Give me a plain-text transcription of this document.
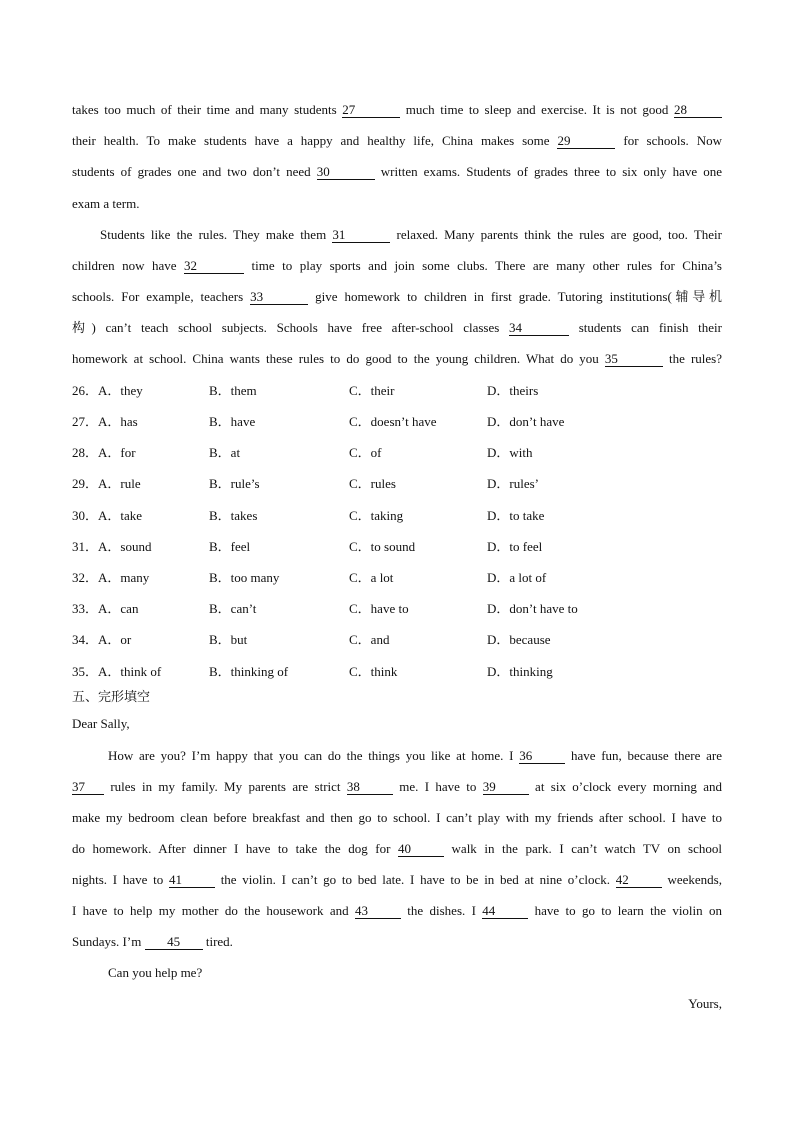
takes too much of their time and many students 27	much time to sleep and exercise. It is not good 28
their health. To make students have a happy and healthy life, China makes some 29	for schools. Now
students of grades one and two don’t need 30	written exams. Students of grades three to six only have one
exam a term.
Students like the rules. They make them 31	relaxed. Many parents think the rules are good, too. Their
children now have 32	time to play sports and join some clubs. There are many other rules for China’s
schools. For example, teachers 33	give homework to children in first grade. Tutoring institutions(辅导机
构) can’t teach school subjects. Schools have free after-school classes 34	students can finish their
homework at school. China wants these rules to do good to the young children. What do you 35	the rules?
26．A．they	B．them	C．their	D．theirs
27．A．has	B．have	C．doesn’t have	D．don’t have
28．A．for	B．at	C．of	D．with
29．A．rule	B．rule’s	C．rules	D．rules’
30．A．take	B．takes	C．taking	D．to take
31．A．sound	B．feel	C．to sound	D．to feel
32．A．many	B．too many	C．a lot	D．a lot of
33．A．can	B．can’t	C．have to	D．don’t have to
34．A．or	B．but	C．and	D．because
35．A．think of	B．thinking of	C．think	D．thinking
五、完形填空
Dear Sally,
How are you? I’m happy that you can do the things you like at home. I 36	have fun, because there are
37 rules in my family. My parents are strict 38	me. I have to 39	at six o’clock every morning and
make my bedroom clean before breakfast and then go to school. I can’t play with my friends after school. I have to
do homework. After dinner I have to take the dog for 40	walk in the park. I can’t watch TV on school
nights. I have to 41	the violin. I can’t go to bed late. I have to be in bed at nine o’clock. 42	weekends,
I have to help my mother do the housework and 43	the dishes. I 44	have to go to learn the violin on
Sundays. I’m 45 tired.
Can you help me?
Yours,
